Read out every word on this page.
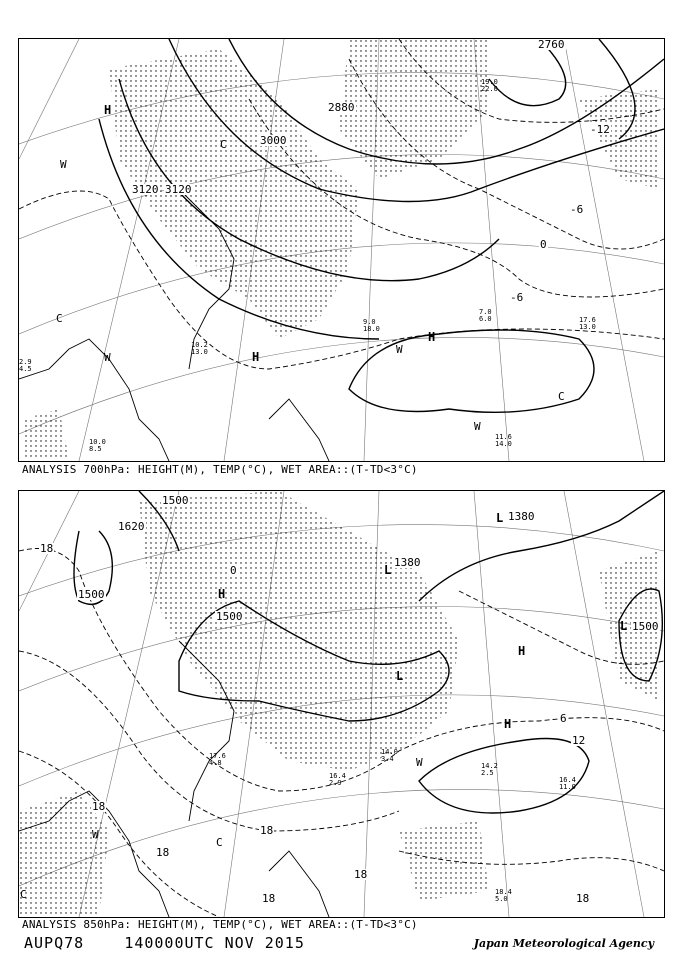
3000
2880
3120 3120
2760
-12
-6
0
-6
H
H
H
C
C
W
W
W
C
W
2.9
4.5
10.0
8.5
11.6
14.0
7.0
6.0
9.0
18.0
17.6
13.0
10.2
13.0
19.0
22.0
ANALYSIS 700hPa: HEIGHT(M), TEMP(°C), WET AREA::(T-TD<3°C)
1500
1500
1500
1500
1380
1380
1620
18
18
18
18
18
0
6
12
18
18
H
H
H
L
L
L
L
W
W
C
C
14.2
2.5
16.4
11.0
18.4
5.0
14.0
3.4
16.4
2.9
17.6
4.8
ANALYSIS 850hPa: HEIGHT(M), TEMP(°C), WET AREA::(T-TD<3°C)
AUPQ78	140000UTC NOV 2015	Japan Meteorological Agency
